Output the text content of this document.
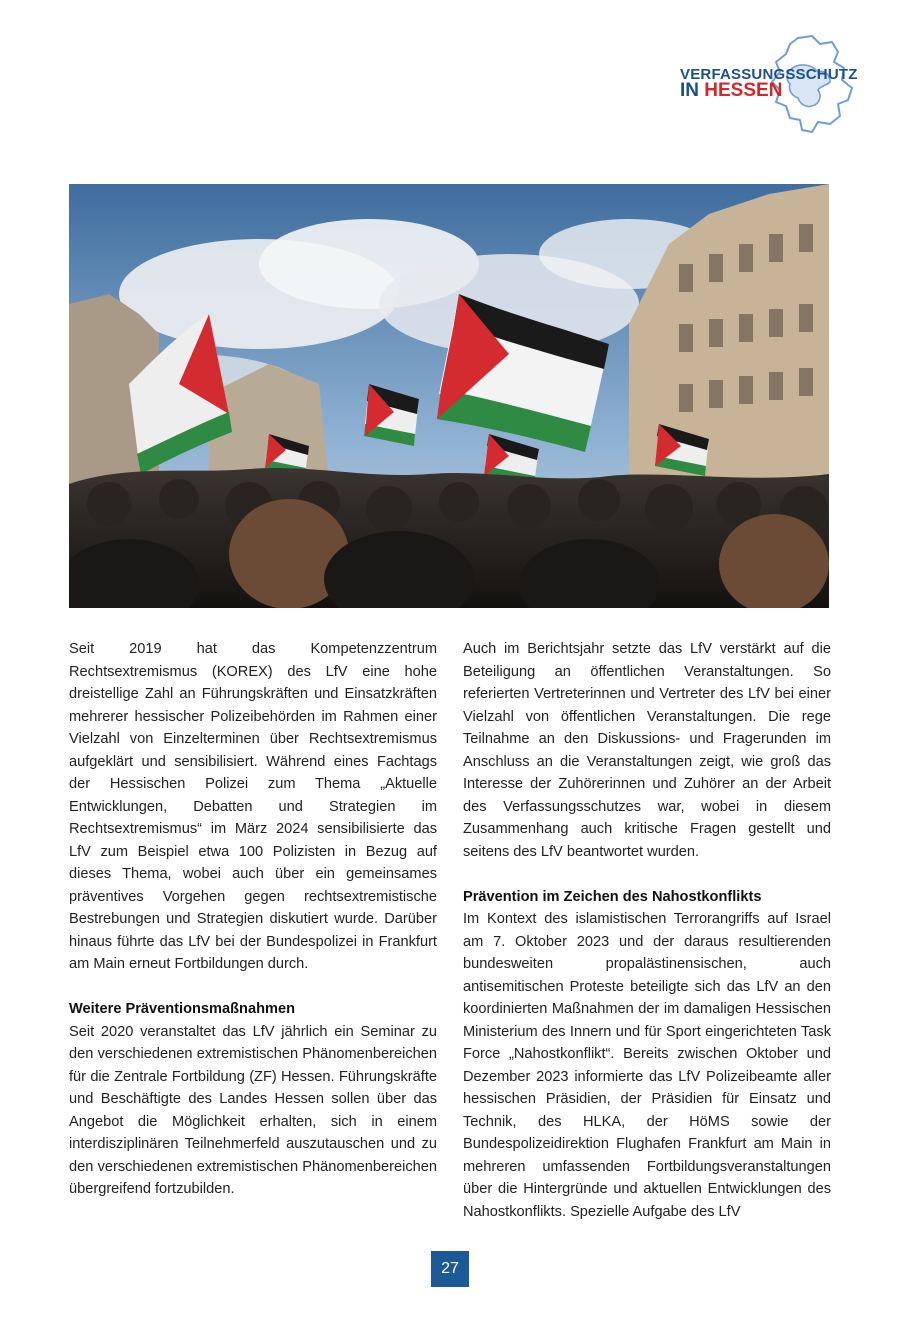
VERFASSUNGSSCHUTZ
IN HESSEN

Seit 2019 hat das Kompetenzzentrum Rechtsextremismus (KOREX) des LfV eine hohe dreistellige Zahl an Führungskräften und Einsatzkräften mehrerer hessischer Polizeibehörden im Rahmen einer Vielzahl von Einzelterminen über Rechtsextremismus aufgeklärt und sensibilisiert. Während eines Fachtags der Hessischen Polizei zum Thema „Aktuelle Entwicklungen, Debatten und Strategien im Rechtsextremismus“ im März 2024 sensibilisierte das LfV zum Beispiel etwa 100 Polizisten in Bezug auf dieses Thema, wobei auch über ein gemeinsames präventives Vorgehen gegen rechtsextremistische Bestrebungen und Strategien diskutiert wurde. Darüber hinaus führte das LfV bei der Bundespolizei in Frankfurt am Main erneut Fortbildungen durch.

Weitere Präventionsmaßnahmen

Seit 2020 veranstaltet das LfV jährlich ein Seminar zu den verschiedenen extremistischen Phänomenbereichen für die Zentrale Fortbildung (ZF) Hessen. Führungskräfte und Beschäftigte des Landes Hessen sollen über das Angebot die Möglichkeit erhalten, sich in einem interdisziplinären Teilnehmerfeld auszutauschen und zu den verschiedenen extremistischen Phänomenbereichen übergreifend fortzubilden.

Auch im Berichtsjahr setzte das LfV verstärkt auf die Beteiligung an öffentlichen Veranstaltungen. So referierten Vertreterinnen und Vertreter des LfV bei einer Vielzahl von öffentlichen Veranstaltungen. Die rege Teilnahme an den Diskussions- und Fragerunden im Anschluss an die Veranstaltungen zeigt, wie groß das Interesse der Zuhörerinnen und Zuhörer an der Arbeit des Verfassungsschutzes war, wobei in diesem Zusammenhang auch kritische Fragen gestellt und seitens des LfV beantwortet wurden.

Prävention im Zeichen des Nahostkonflikts

Im Kontext des islamistischen Terrorangriffs auf Israel am 7. Oktober 2023 und der daraus resultierenden bundesweiten propalästinensischen, auch antisemitischen Proteste beteiligte sich das LfV an den koordinierten Maßnahmen der im damaligen Hessischen Ministerium des Innern und für Sport eingerichteten Task Force „Nahostkonflikt“. Bereits zwischen Oktober und Dezember 2023 informierte das LfV Polizeibeamte aller hessischen Präsidien, der Präsidien für Einsatz und Technik, des HLKA, der HöMS sowie der Bundespolizeidirektion Flughafen Frankfurt am Main in mehreren umfassenden Fortbildungsveranstaltungen über die Hintergründe und aktuellen Entwicklungen des Nahostkonflikts. Spezielle Aufgabe des LfV

27
